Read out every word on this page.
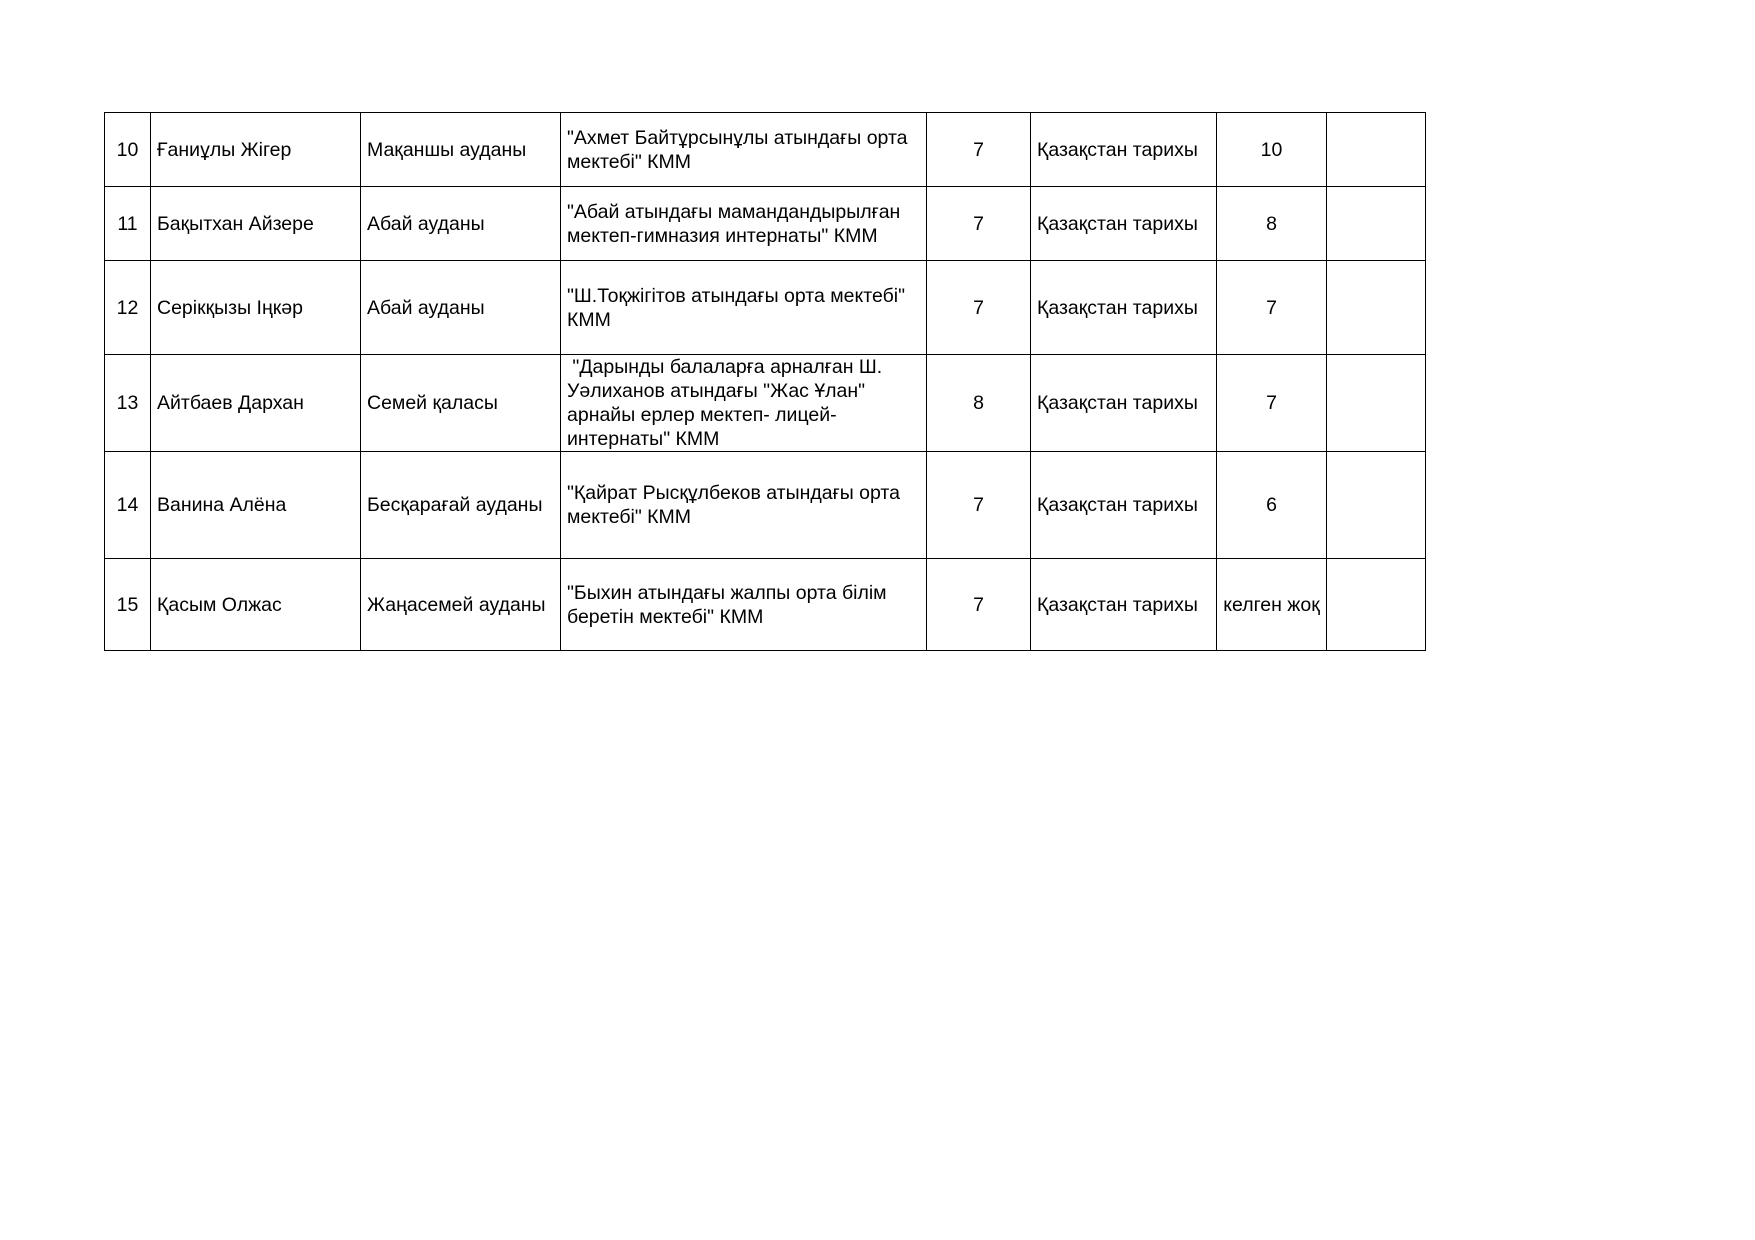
10	Ғаниұлы Жігер	Мақаншы ауданы	"Ахмет Байтұрсынұлы атындағы орта мектебі" КММ	7	Қазақстан тарихы	10	
11	Бақытхан Айзере	Абай ауданы	"Абай атындағы мамандандырылған мектеп-гимназия интернаты" КММ	7	Қазақстан тарихы	8	
12	Серікқызы Іңкәр	Абай ауданы	"Ш.Тоқжігітов атындағы орта мектебі" КММ	7	Қазақстан тарихы	7	
13	Айтбаев Дархан	Семей қаласы	"Дарынды балаларға арналған Ш. Уәлиханов атындағы "Жас Ұлан" арнайы ерлер мектеп- лицей-интернаты" КММ	8	Қазақстан тарихы	7	
14	Ванина Алёна	Бесқарағай ауданы	"Қайрат Рысқұлбеков атындағы орта мектебі" КММ	7	Қазақстан тарихы	6	
15	Қасым Олжас	Жаңасемей ауданы	"Быхин атындағы жалпы орта білім беретін мектебі" КММ	7	Қазақстан тарихы	келген жоқ	
